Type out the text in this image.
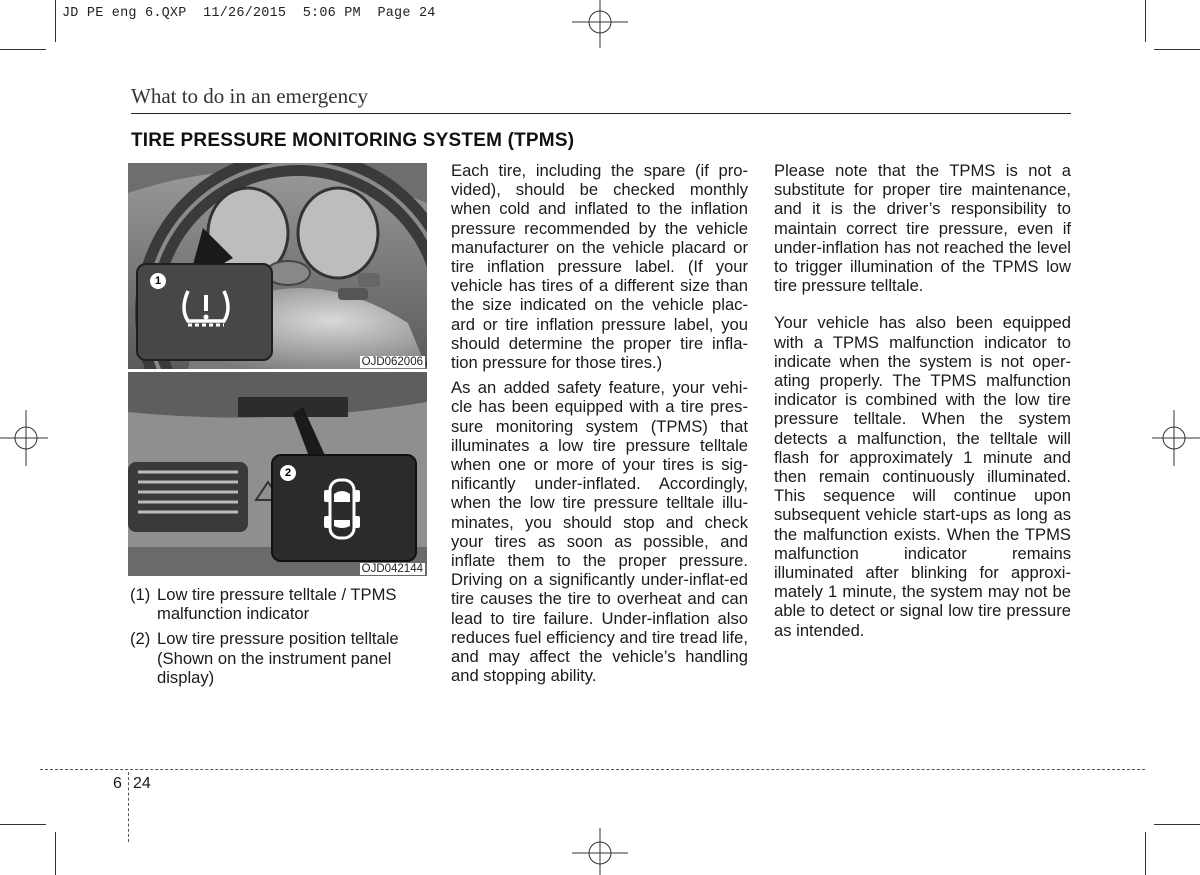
JD PE eng 6.QXP  11/26/2015  5:06 PM  Page 24
What to do in an emergency
TIRE PRESSURE MONITORING SYSTEM (TPMS)
1
OJD062006
2
OJD042144
(1) Low tire pressure telltale / TPMS malfunction indicator
(2) Low tire pressure position telltale (Shown on the instrument panel display)

Each tire, including the spare (if pro-vided), should be checked monthly when cold and inflated to the inflation pressure recommended by the vehicle manufacturer on the vehicle placard or tire inflation pressure label. (If your vehicle has tires of a different size than the size indicated on the vehicle plac-ard or tire inflation pressure label, you should determine the proper tire infla-tion pressure for those tires.)

As an added safety feature, your vehi-cle has been equipped with a tire pres-sure monitoring system (TPMS) that illuminates a low tire pressure telltale when one or more of your tires is sig-nificantly under-inflated. Accordingly, when the low tire pressure telltale illu-minates, you should stop and check your tires as soon as possible, and inflate them to the proper pressure. Driving on a significantly under-inflat-ed tire causes the tire to overheat and can lead to tire failure. Under-inflation also reduces fuel efficiency and tire tread life, and may affect the vehicle’s handling and stopping ability.

Please note that the TPMS is not a substitute for proper tire maintenance, and it is the driver’s responsibility to maintain correct tire pressure, even if under-inflation has not reached the level to trigger illumination of the TPMS low tire pressure telltale.

Your vehicle has also been equipped with a TPMS malfunction indicator to indicate when the system is not oper-ating properly. The TPMS malfunction indicator is combined with the low tire pressure telltale. When the system detects a malfunction, the telltale will flash for approximately 1 minute and then remain continuously illuminated. This sequence will continue upon subsequent vehicle start-ups as long as the malfunction exists. When the TPMS malfunction indicator remains illuminated after blinking for approxi-mately 1 minute, the system may not be able to detect or signal low tire pressure as intended.

6 24
